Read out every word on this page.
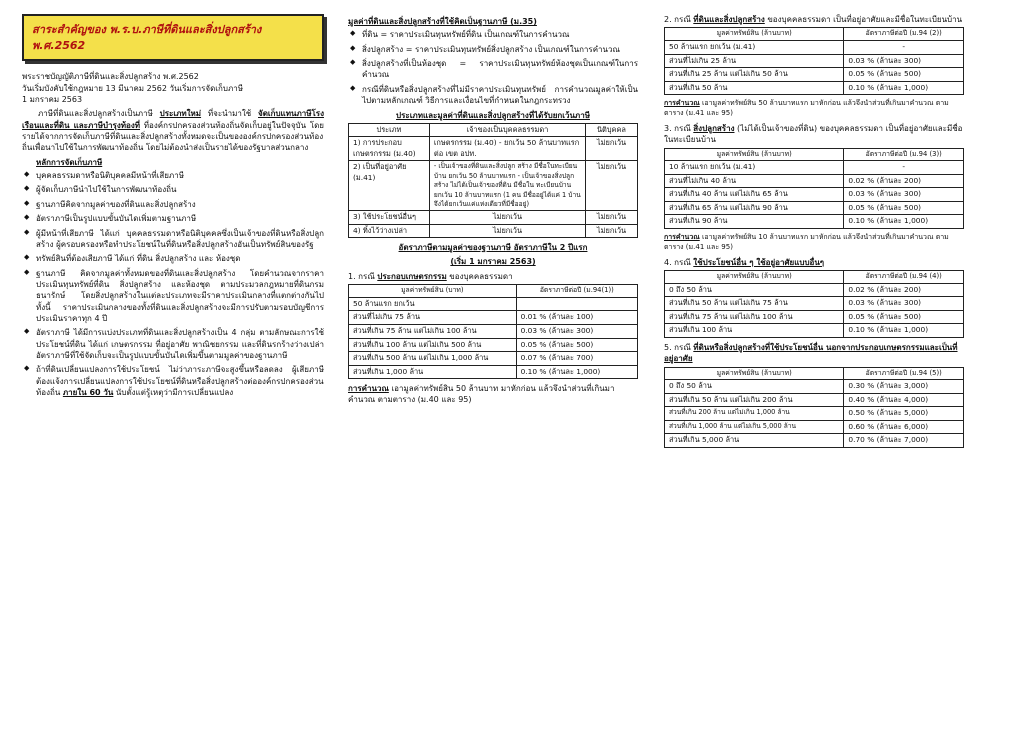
สาระสำคัญของ พ.ร.บ.ภาษีที่ดินและสิ่งปลูกสร้าง พ.ศ.2562
พระราชบัญญัติภาษีที่ดินและสิ่งปลูกสร้าง พ.ศ.2562
วันเริ่มบังคับใช้กฎหมาย 13 มีนาคม 2562 วันเริ่มการจัดเก็บภาษี
1 มกราคม 2563

ภาษีที่ดินและสิ่งปลูกสร้างเป็นภาษี ประเภทใหม่ ที่จะนำมาใช้ จัดเก็บแทนภาษีโรงเรือนและที่ดิน และภาษีบำรุงท้องที่ ที่องค์กรปกครองส่วนท้องถิ่นจัดเก็บอยู่ในปัจจุบัน โดยรายได้จากการจัดเก็บภาษีที่ดินและสิ่งปลูกสร้างทั้งหมดจะเป็นขององค์กรปกครองส่วนท้องถิ่นเพื่อนาไปใช้ในการพัฒนาท้องถิ่น โดยไม่ต้องนำส่งเป็นรายได้ของรัฐบาลส่วนกลาง

หลักการจัดเก็บภาษี
◆ บุคคลธรรมดาหรือนิติบุคคลมีหน้าที่เสียภาษี
◆ ผู้จัดเก็บภาษีนำไปใช้ในการพัฒนาท้องถิ่น
◆ ฐานภาษีคิดจากมูลค่าของที่ดินและสิ่งปลูกสร้าง
◆ อัตราภาษีเป็นรูปแบบขั้นบันไดเพิ่มตามฐานภาษี
◆ ผู้มีหน้าที่เสียภาษี ได้แก่ บุคคลธรรมดาหรือนิติบุคคลซึ่งเป็นเจ้าของที่ดินหรือสิ่งปลูกสร้าง ผู้ครอบครองหรือทำประโยชน์ในที่ดินหรือสิ่งปลูกสร้างอันเป็นทรัพย์สินของรัฐ
◆ ทรัพย์สินที่ต้องเสียภาษี ได้แก่ ที่ดิน สิ่งปลูกสร้าง และ ห้องชุด
◆ ฐานภาษี คิดจากมูลค่าทั้งหมดของที่ดินและสิ่งปลูกสร้าง โดยคำนวณจากราคาประเมินทุนทรัพย์ที่ดิน สิ่งปลูกสร้าง และห้องชุด ตามประมวลกฎหมายที่ดินกรมธนารักษ์ โดยสิ่งปลูกสร้างในแต่ละประเภทจะมีราคาประเมินกลางที่แตกต่างกันไป ทั้งนี้ ราคาประเมินกลางของทั้งที่ดินและสิ่งปลูกสร้างจะมีการปรับตามรอบบัญชีการประเมินราคาทุก 4 ปี
◆ อัตราภาษี ได้มีการแบ่งประเภทที่ดินและสิ่งปลูกสร้างเป็น 4 กลุ่ม ตามลักษณะการใช้ประโยชน์ที่ดิน ได้แก่ เกษตรกรรม ที่อยู่อาศัย พาณิชยกรรม และที่ดินรกร้างว่างเปล่า อัตราภาษีที่ใช้จัดเก็บจะเป็นรูปแบบขั้นบันไดเพิ่มขึ้นตามมูลค่าของฐานภาษี
◆ ถ้าที่ดินเปลี่ยนแปลงการใช้ประโยชน์ ไม่ว่าภาระภาษีจะสูงขึ้นหรือลดลง ผู้เสียภาษีต้องแจ้งการเปลี่ยนแปลงการใช้ประโยชน์ที่ดินหรือสิ่งปลูกสร้างต่อองค์กรปกครองส่วนท้องถิ่น ภายใน 60 วัน นับตั้งแต่รู้เหตุว่ามีการเปลี่ยนแปลง
มูลค่าที่ดินและสิ่งปลูกสร้างที่ใช้คิดเป็นฐานภาษี (ม.35)
◆ ที่ดิน = ราคาประเมินทุนทรัพย์ที่ดิน เป็นเกณฑ์ในการคำนวณ
◆ สิ่งปลูกสร้าง = ราคาประเมินทุนทรัพย์สิ่งปลูกสร้าง เป็นเกณฑ์ในการคำนวณ
◆ สิ่งปลูกสร้างที่เป็นห้องชุด = ราคาประเมินทุนทรัพย์ห้องชุดเป็นเกณฑ์ในการคำนวณ
◆ กรณีที่ดินหรือสิ่งปลูกสร้างที่ไม่มีราคาประเมินทุนทรัพย์ การคำนวณมูลค่าให้เป็นไปตามหลักเกณฑ์ วิธีการและเงื่อนไขที่กำหนดในกฎกระทรวง
ประเภทและมูลค่าที่ดินและสิ่งปลูกสร้างที่ได้รับยกเว้นภาษี
ประเภท	เจ้าของเป็นบุคคลธรรมดา	นิติบุคคล
1) การประกอบเกษตรกรรม (ม.40)	เกษตรกรรม (ม.40) - ยกเว้น 50 ล้านบาทแรก ต่อ เขต อปท.	ไม่ยกเว้น
2) เป็นที่อยู่อาศัย (ม.41)	- เป็นเจ้าของที่ดินและสิ่งปลูก สร้าง มีชื่อในทะเบียนบ้าน ยกเว้น 50 ล้านบาทแรก - เป็นเจ้าของสิ่งปลูกสร้าง ไม่ได้เป็นเจ้าของที่ดิน มีชื่อใน ทะเบียนบ้าน ยกเว้น 10 ล้านบาทแรก (1 คน มีชื่ออยู่ได้แค่ 1 บ้าน จึงได้ยกเว้นแค่แห่งเดียวที่มีชื่ออยู่)	ไม่ยกเว้น
3) ใช้ประโยชน์อื่นๆ	ไม่ยกเว้น	ไม่ยกเว้น
4) ทิ้งไว้ว่างเปล่า	ไม่ยกเว้น	ไม่ยกเว้น
อัตราภาษีตามมูลค่าของฐานภาษี อัตราภาษีใน 2 ปีแรก
(เริ่ม 1 มกราคม 2563)
1. กรณี ประกอบเกษตรกรรม ของบุคคลธรรมดา
มูลค่าทรัพย์สิน (บาท)	อัตราภาษีต่อปี (ม.94(1))
50 ล้านแรก ยกเว้น	
ส่วนที่ไม่เกิน 75 ล้าน	0.01 % (ล้านละ 100)
ส่วนที่เกิน 75 ล้าน แต่ไม่เกิน 100 ล้าน	0.03 % (ล้านละ 300)
ส่วนที่เกิน 100 ล้าน แต่ไม่เกิน 500 ล้าน	0.05 % (ล้านละ 500)
ส่วนที่เกิน 500 ล้าน แต่ไม่เกิน 1,000 ล้าน	0.07 % (ล้านละ 700)
ส่วนที่เกิน 1,000 ล้าน	0.10 % (ล้านละ 1,000)
การคำนวณ เอามูลค่าทรัพย์สิน 50 ล้านบาท มาหักก่อน แล้วจึงนำส่วนที่เกินมาคำนวณ ตามตาราง (ม.40 และ 95)
2. กรณี ที่ดินและสิ่งปลูกสร้าง ของบุคคลธรรมดา เป็นที่อยู่อาศัยและมีชื่อในทะเบียนบ้าน
มูลค่าทรัพย์สิน (ล้านบาท)	อัตราภาษีต่อปี (ม.94 (2))
50 ล้านแรก ยกเว้น (ม.41)	-
ส่วนที่ไม่เกิน 25 ล้าน	0.03 % (ล้านละ 300)
ส่วนที่เกิน 25 ล้าน แต่ไม่เกิน 50 ล้าน	0.05 % (ล้านละ 500)
ส่วนที่เกิน 50 ล้าน	0.10 % (ล้านละ 1,000)
การคำนวณ เอามูลค่าทรัพย์สิน 50 ล้านบาทแรก มาหักก่อน แล้วจึงนำส่วนที่เกินมาคำนวณ ตามตาราง (ม.41 และ 95)
3. กรณี สิ่งปลูกสร้าง (ไม่ได้เป็นเจ้าของที่ดิน) ของบุคคลธรรมดา เป็นที่อยู่อาศัยและมีชื่อในทะเบียนบ้าน
มูลค่าทรัพย์สิน (ล้านบาท)	อัตราภาษีต่อปี (ม.94 (3))
10 ล้านแรก ยกเว้น (ม.41)	-
ส่วนที่ไม่เกิน 40 ล้าน	0.02 % (ล้านละ 200)
ส่วนที่เกิน 40 ล้าน แต่ไม่เกิน 65 ล้าน	0.03 % (ล้านละ 300)
ส่วนที่เกิน 65 ล้าน แต่ไม่เกิน 90 ล้าน	0.05 % (ล้านละ 500)
ส่วนที่เกิน 90 ล้าน	0.10 % (ล้านละ 1,000)
การคำนวณ เอามูลค่าทรัพย์สิน 10 ล้านบาทแรก มาหักก่อน แล้วจึงนำส่วนที่เกินมาคำนวณ ตามตาราง (ม.41 และ 95)
4. กรณี ใช้ประโยชน์อื่น ๆ ใช้อยู่อาศัยแบบอื่นๆ
มูลค่าทรัพย์สิน (ล้านบาท)	อัตราภาษีต่อปี (ม.94 (4))
0 ถึง 50 ล้าน	0.02 % (ล้านละ 200)
ส่วนที่เกิน 50 ล้าน แต่ไม่เกิน 75 ล้าน	0.03 % (ล้านละ 300)
ส่วนที่เกิน 75 ล้าน แต่ไม่เกิน 100 ล้าน	0.05 % (ล้านละ 500)
ส่วนที่เกิน 100 ล้าน	0.10 % (ล้านละ 1,000)
5. กรณี ที่ดินหรือสิ่งปลูกสร้างที่ใช้ประโยชน์อื่น นอกจากประกอบเกษตรกรรมและเป็นที่อยู่อาศัย
มูลค่าทรัพย์สิน (ล้านบาท)	อัตราภาษีต่อปี (ม.94 (5))
0 ถึง 50 ล้าน	0.30 % (ล้านละ 3,000)
ส่วนที่เกิน 50 ล้าน แต่ไม่เกิน 200 ล้าน	0.40 % (ล้านละ 4,000)
ส่วนที่เกิน 200 ล้าน แต่ไม่เกิน 1,000 ล้าน	0.50 % (ล้านละ 5,000)
ส่วนที่เกิน 1,000 ล้าน แต่ไม่เกิน 5,000 ล้าน	0.60 % (ล้านละ 6,000)
ส่วนที่เกิน 5,000 ล้าน	0.70 % (ล้านละ 7,000)
